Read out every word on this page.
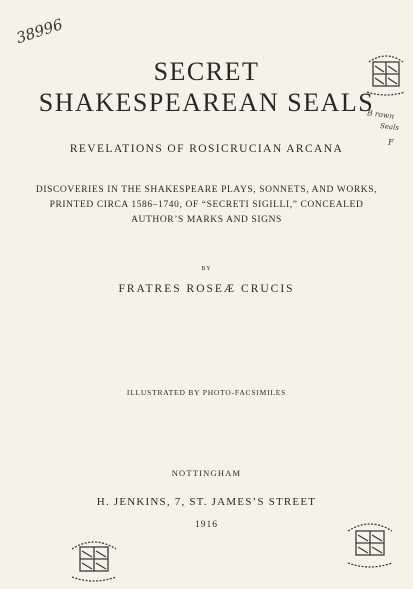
38996
SECRET
SHAKESPEAREAN SEALS
B rown
Seals
F
REVELATIONS OF ROSICRUCIAN ARCANA
DISCOVERIES IN THE SHAKESPEARE PLAYS, SONNETS, AND WORKS,
PRINTED CIRCA 1586–1740, OF “SECRETI SIGILLI,” CONCEALED
AUTHOR’S MARKS AND SIGNS
BY
FRATRES ROSEÆ CRUCIS
ILLUSTRATED BY PHOTO-FACSIMILES
NOTTINGHAM
H. JENKINS, 7, ST. JAMES’S STREET
1916
